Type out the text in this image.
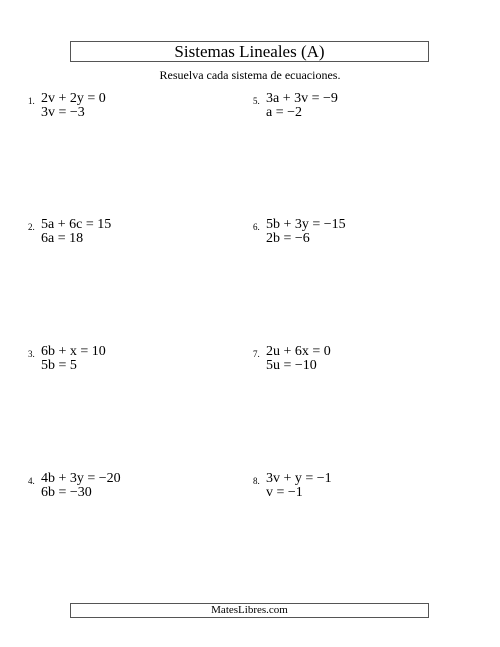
Sistemas Lineales (A)
Resuelva cada sistema de ecuaciones.
1. 2v + 2y = 0
3v = −3
2. 5a + 6c = 15
6a = 18
3. 6b + x = 10
5b = 5
4. 4b + 3y = −20
6b = −30
5. 3a + 3v = −9
a = −2
6. 5b + 3y = −15
2b = −6
7. 2u + 6x = 0
5u = −10
8. 3v + y = −1
v = −1
MatesLibres.com
